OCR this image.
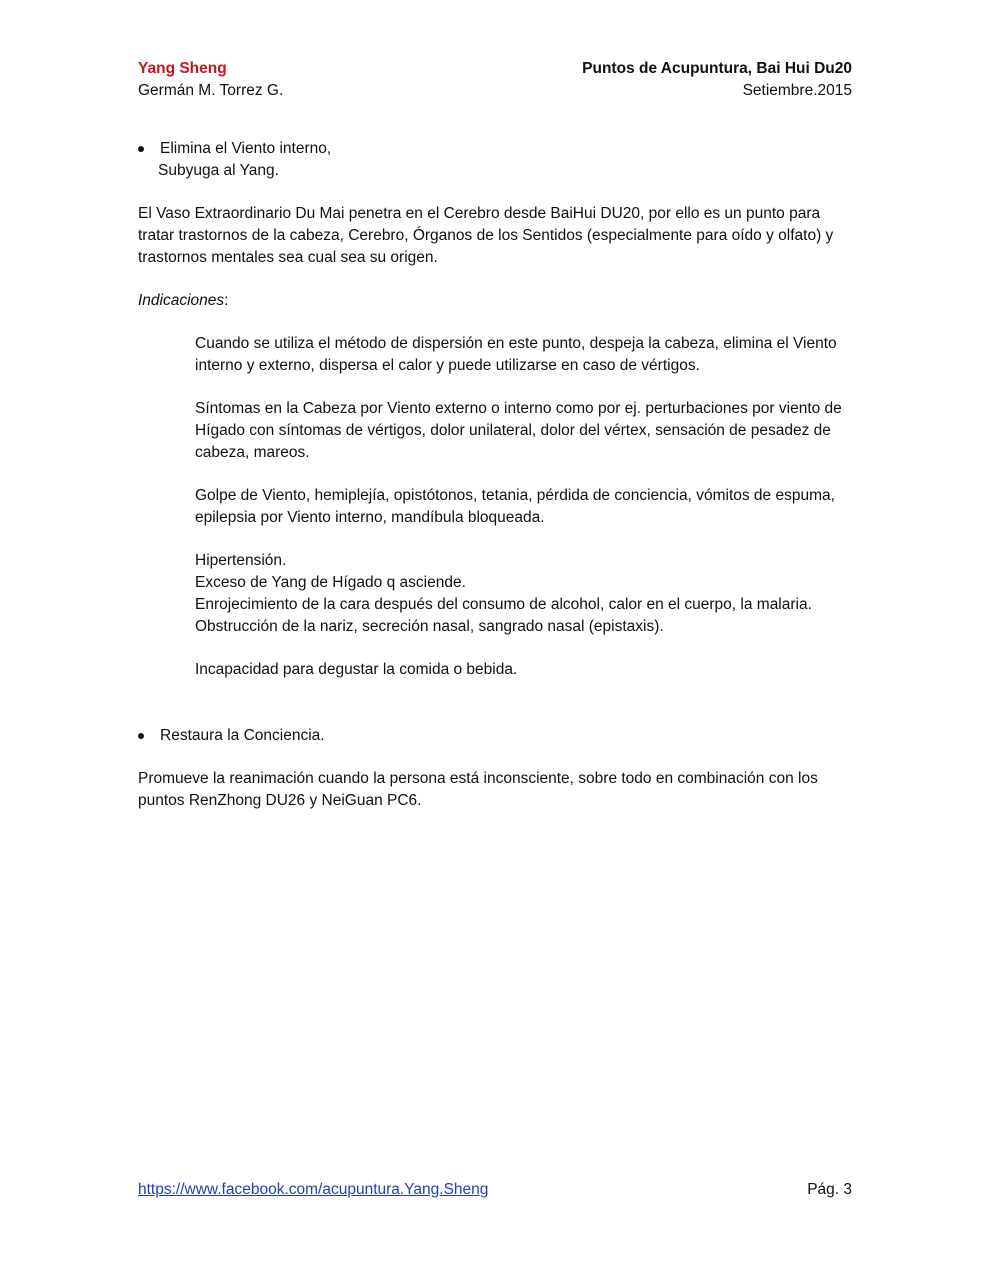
Yang Sheng	Puntos de Acupuntura, Bai Hui Du20
Germán M. Torrez G.	Setiembre.2015
Elimina el Viento interno,
Subyuga al Yang.

El Vaso Extraordinario Du Mai penetra en el Cerebro desde BaiHui DU20, por ello es un punto para tratar trastornos de la cabeza, Cerebro, Órganos de los Sentidos (especialmente para oído y olfato) y trastornos mentales sea cual sea su origen.

Indicaciones:

Cuando se utiliza el método de dispersión en este punto, despeja la cabeza, elimina el Viento interno y externo, dispersa el calor y puede utilizarse en caso de vértigos.

Síntomas en la Cabeza por Viento externo o interno como por ej. perturbaciones por viento de Hígado con síntomas de vértigos, dolor unilateral, dolor del vértex, sensación de pesadez de cabeza, mareos.

Golpe de Viento, hemiplejía, opistótonos, tetania, pérdida de conciencia, vómitos de espuma, epilepsia por Viento interno, mandíbula bloqueada.

Hipertensión.

Exceso de Yang de Hígado q asciende.

Enrojecimiento de la cara después del consumo de alcohol, calor en el cuerpo, la malaria.

Obstrucción de la nariz, secreción nasal, sangrado nasal (epistaxis).

Incapacidad para degustar la comida o bebida.

Restaura la Conciencia.

Promueve la reanimación cuando la persona está inconsciente, sobre todo en combinación con los puntos RenZhong DU26 y NeiGuan PC6.

https://www.facebook.com/acupuntura.Yang.Sheng	Pág. 3
